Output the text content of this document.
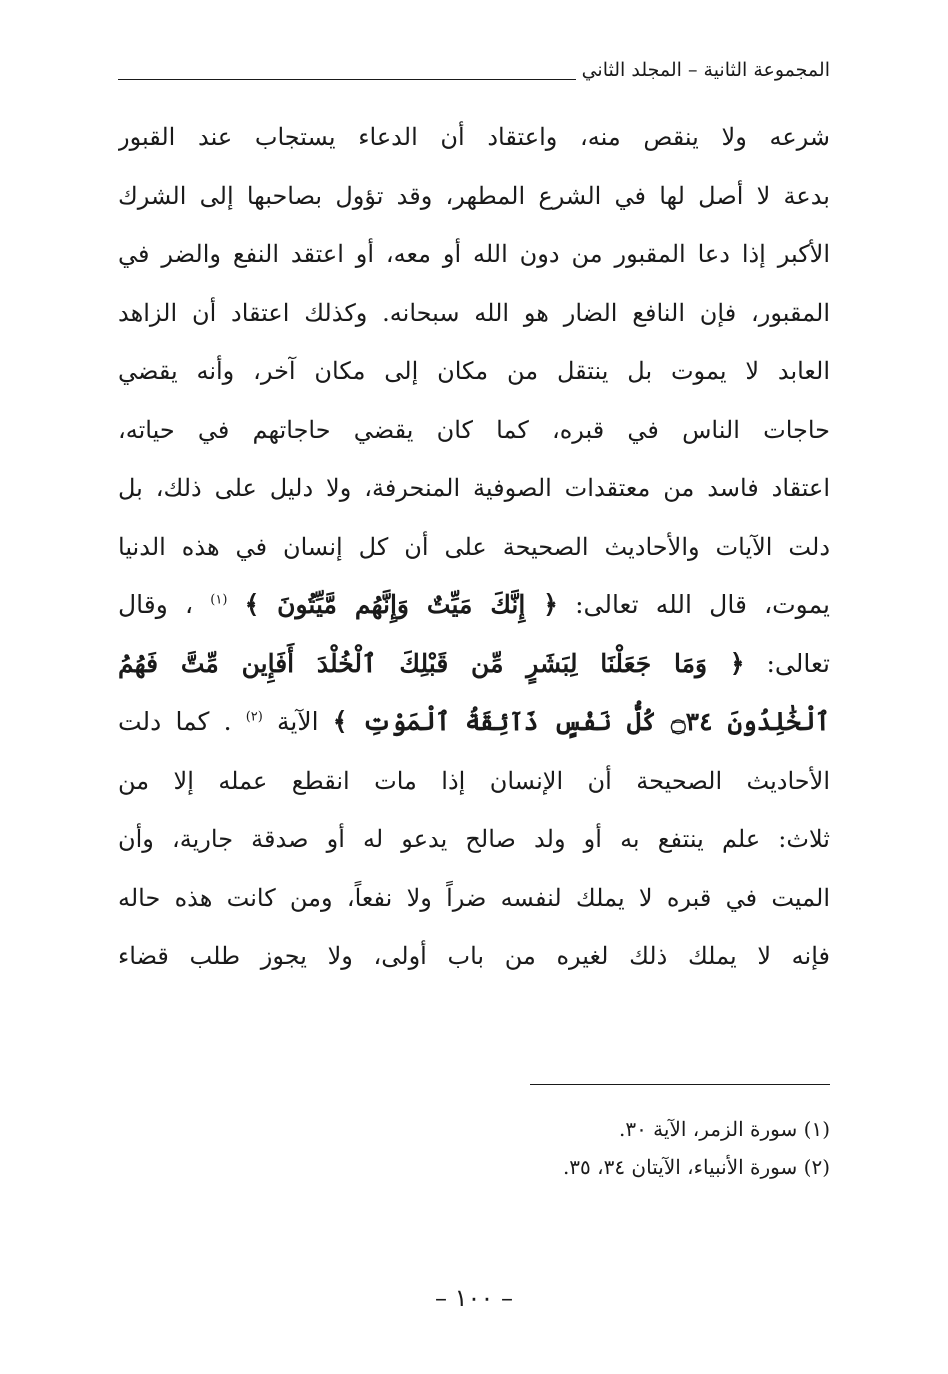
المجموعة الثانية – المجلد الثاني
شرعه ولا ينقص منه، واعتقاد أن الدعاء يستجاب عند القبور
بدعة لا أصل لها في الشرع المطهر، وقد تؤول بصاحبها إلى الشرك
الأكبر إذا دعا المقبور من دون الله أو معه، أو اعتقد النفع والضر في
المقبور، فإن النافع الضار هو الله سبحانه. وكذلك اعتقاد أن الزاهد
العابد لا يموت بل ينتقل من مكان إلى مكان آخر، وأنه يقضي
حاجات الناس في قبره، كما كان يقضي حاجاتهم في حياته،
اعتقاد فاسد من معتقدات الصوفية المنحرفة، ولا دليل على ذلك، بل
دلت الآيات والأحاديث الصحيحة على أن كل إنسان في هذه الدنيا
يموت، قال الله تعالى: ﴿ إِنَّكَ مَيِّتٌ وَإِنَّهُم مَّيِّتُونَ ﴾ $^{(١)}$ ، وقال
تعالى: ﴿ وَمَا جَعَلْنَا لِبَشَرٍ مِّن قَبْلِكَ ٱلْخُلْدَ أَفَإِين مِّتَّ فَهُمُ
ٱلْخَٰلِدُونَ ۝٣٤ كُلُّ نَفْسٍ ذَآئِقَةُ ٱلْمَوْتِ ﴾ الآية $^{(٢)}$ . كما دلت
الأحاديث الصحيحة أن الإنسان إذا مات انقطع عمله إلا من
ثلاث: علم ينتفع به أو ولد صالح يدعو له أو صدقة جارية، وأن
الميت في قبره لا يملك لنفسه ضراً ولا نفعاً، ومن كانت هذه حاله
فإنه لا يملك ذلك لغيره من باب أولى، ولا يجوز طلب قضاء
(١) سورة الزمر، الآية ٣٠.
(٢) سورة الأنبياء، الآيتان ٣٤، ٣٥.
– ١٠٠ –
